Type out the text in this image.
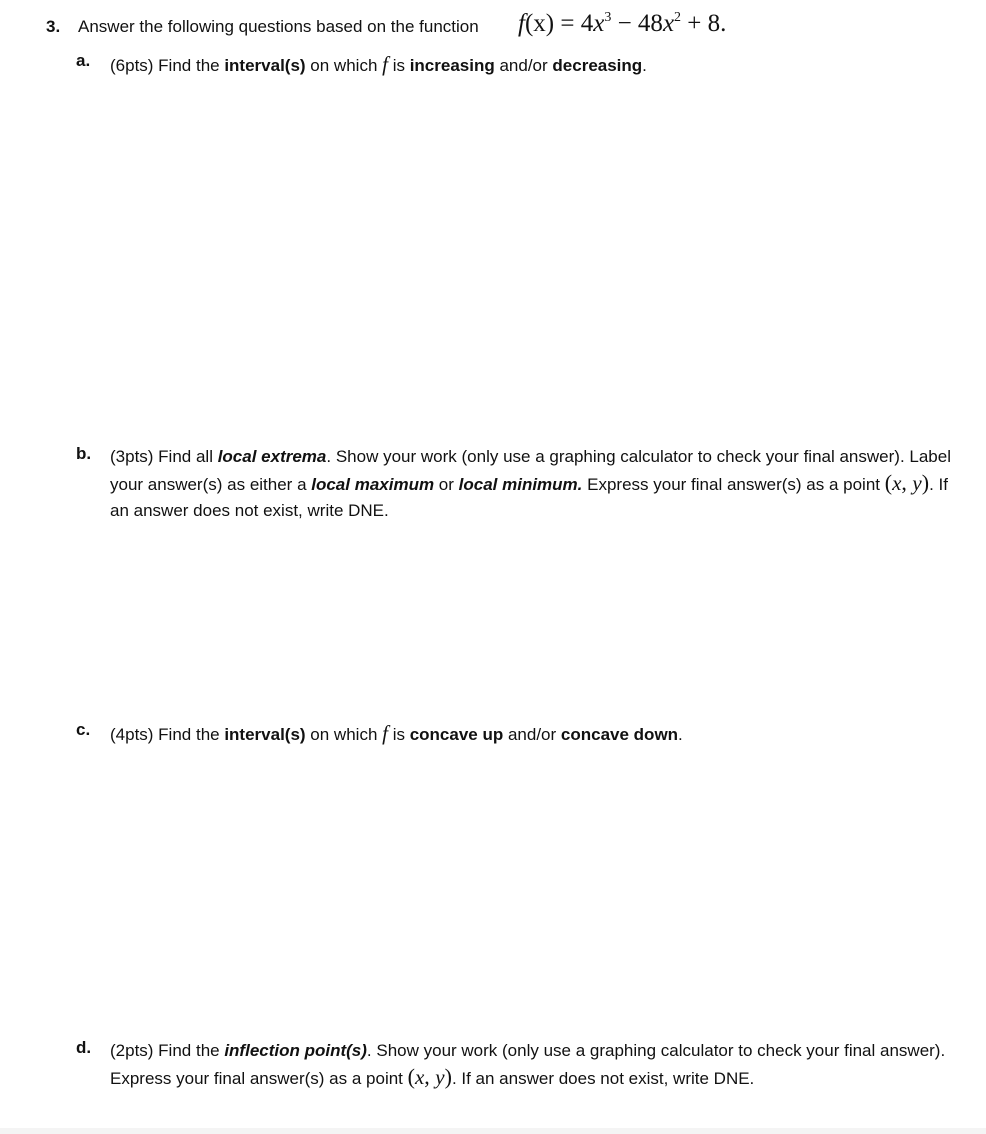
3. Answer the following questions based on the function $f(x) = 4x^3 - 48x^2 + 8$.
a. (6pts) Find the interval(s) on which f is increasing and/or decreasing.
b. (3pts) Find all local extrema. Show your work (only use a graphing calculator to check your final answer). Label your answer(s) as either a local maximum or local minimum. Express your final answer(s) as a point (x, y). If an answer does not exist, write DNE.
c. (4pts) Find the interval(s) on which f is concave up and/or concave down.
d. (2pts) Find the inflection point(s). Show your work (only use a graphing calculator to check your final answer). Express your final answer(s) as a point (x, y). If an answer does not exist, write DNE.
